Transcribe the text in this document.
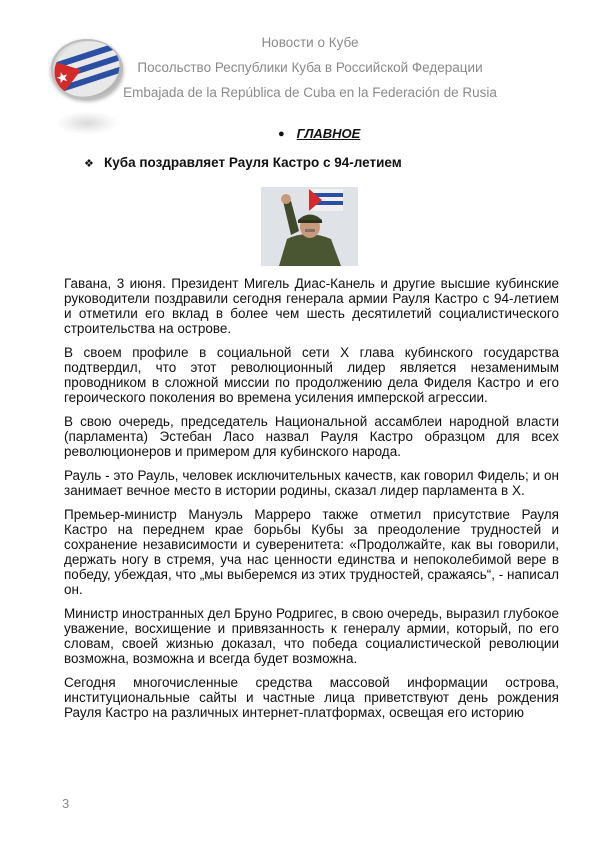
Новости о Кубе
Посольство Республики Куба в Российской Федерации
Embajada de la República de Cuba en la Federación de Rusia
● ГЛАВНОЕ
❖ Куба поздравляет Рауля Кастро с 94-летием

Гавана, 3 июня. Президент Мигель Диас-Канель и другие высшие кубинские руководители поздравили сегодня генерала армии Рауля Кастро с 94-летием и отметили его вклад в более чем шесть десятилетий социалистического строительства на острове.

В своем профиле в социальной сети X глава кубинского государства подтвердил, что этот революционный лидер является незаменимым проводником в сложной миссии по продолжению дела Фиделя Кастро и его героического поколения во времена усиления имперской агрессии.

В свою очередь, председатель Национальной ассамблеи народной власти (парламента) Эстебан Ласо назвал Рауля Кастро образцом для всех революционеров и примером для кубинского народа.

Рауль - это Рауль, человек исключительных качеств, как говорил Фидель; и он занимает вечное место в истории родины, сказал лидер парламента в X.

Премьер-министр Мануэль Марреро также отметил присутствие Рауля Кастро на переднем крае борьбы Кубы за преодоление трудностей и сохранение независимости и суверенитета: «Продолжайте, как вы говорили, держать ногу в стремя, уча нас ценности единства и непоколебимой вере в победу, убеждая, что „мы выберемся из этих трудностей, сражаясь“, - написал он.

Министр иностранных дел Бруно Родригес, в свою очередь, выразил глубокое уважение, восхищение и привязанность к генералу армии, который, по его словам, своей жизнью доказал, что победа социалистической революции возможна, возможна и всегда будет возможна.

Сегодня многочисленные средства массовой информации острова, институциональные сайты и частные лица приветствуют день рождения Рауля Кастро на различных интернет-платформах, освещая его историю

3
